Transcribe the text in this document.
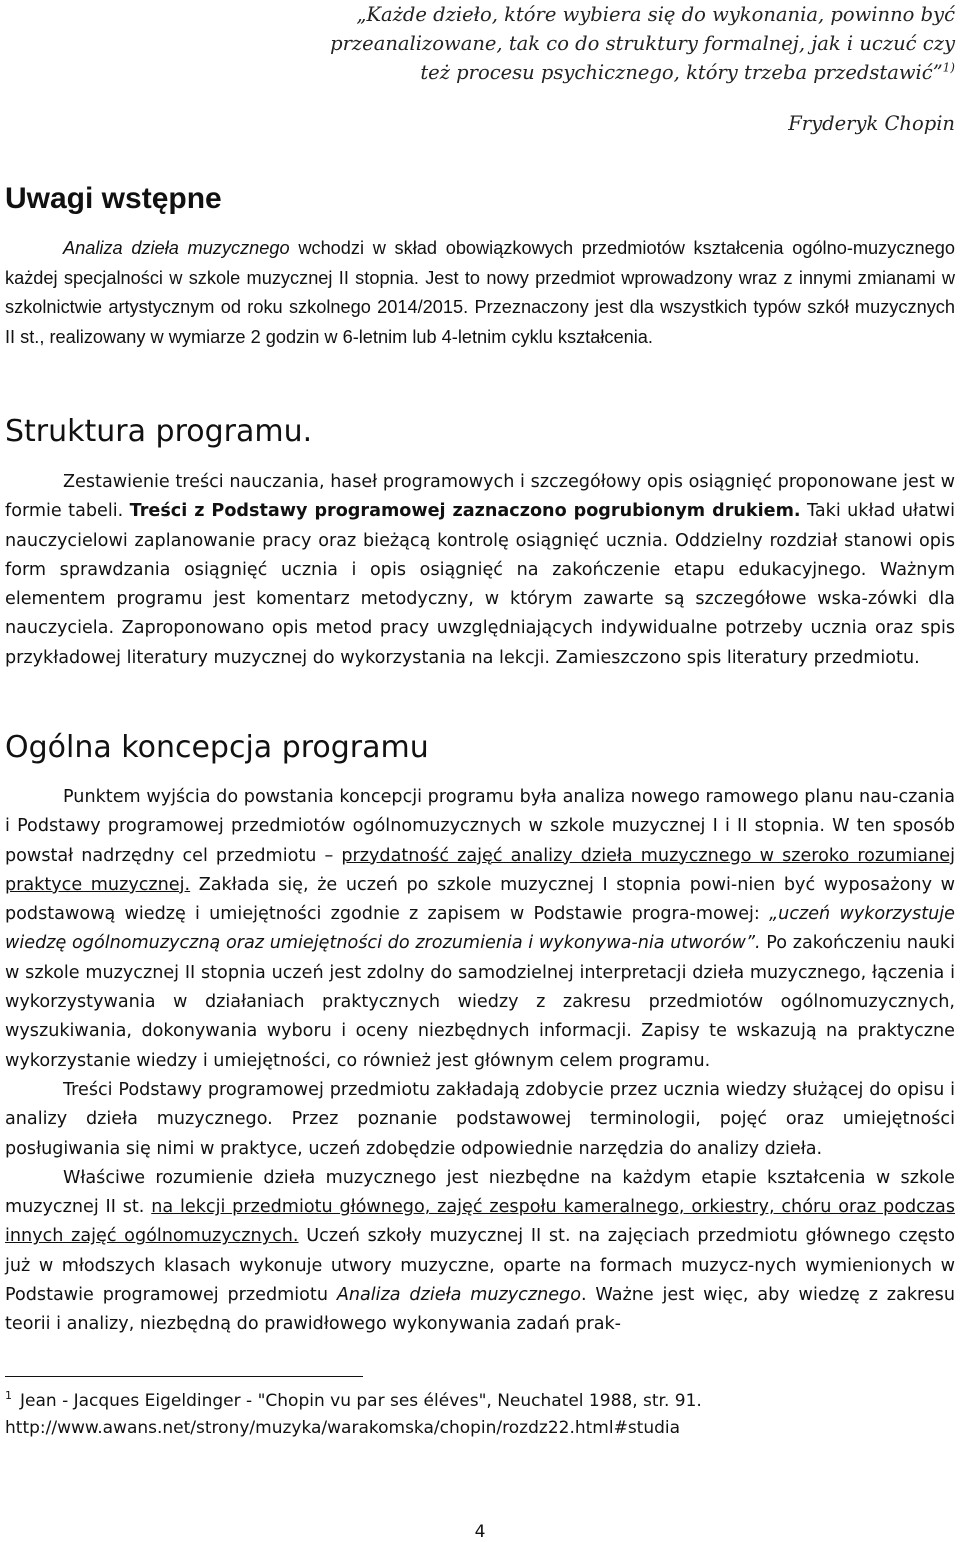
„Każde dzieło, które wybiera się do wykonania, powinno być
przeanalizowane, tak co do struktury formalnej, jak i uczuć czy
też procesu psychicznego, który trzeba przedstawić”$^{1)}$
Fryderyk Chopin
Uwagi wstępne

Analiza dzieła muzycznego wchodzi w skład obowiązkowych przedmiotów kształcenia ogólno-muzycznego każdej specjalności w szkole muzycznej II stopnia. Jest to nowy przedmiot wprowadzony wraz z innymi zmianami w szkolnictwie artystycznym od roku szkolnego 2014/2015. Przeznaczony jest dla wszystkich typów szkół muzycznych II st., realizowany w wymiarze 2 godzin w 6-letnim lub 4-letnim cyklu kształcenia.

Struktura programu.

Zestawienie treści nauczania, haseł programowych i szczegółowy opis osiągnięć proponowane jest w formie tabeli. Treści z Podstawy programowej zaznaczono pogrubionym drukiem. Taki układ ułatwi nauczycielowi zaplanowanie pracy oraz bieżącą kontrolę osiągnięć ucznia. Oddzielny rozdział stanowi opis form sprawdzania osiągnięć ucznia i opis osiągnięć na zakończenie etapu edukacyjnego. Ważnym elementem programu jest komentarz metodyczny, w którym zawarte są szczegółowe wska-zówki dla nauczyciela. Zaproponowano opis metod pracy uwzględniających indywidualne potrzeby ucznia oraz spis przykładowej literatury muzycznej do wykorzystania na lekcji. Zamieszczono spis literatury przedmiotu.

Ogólna koncepcja programu

Punktem wyjścia do powstania koncepcji programu była analiza nowego ramowego planu nau-czania i Podstawy programowej przedmiotów ogólnomuzycznych w szkole muzycznej I i II stopnia. W ten sposób powstał nadrzędny cel przedmiotu – przydatność zajęć analizy dzieła muzycznego w szeroko rozumianej praktyce muzycznej. Zakłada się, że uczeń po szkole muzycznej I stopnia powi-nien być wyposażony w podstawową wiedzę i umiejętności zgodnie z zapisem w Podstawie progra-mowej: „uczeń wykorzystuje wiedzę ogólnomuzyczną oraz umiejętności do zrozumienia i wykonywa-nia utworów”. Po zakończeniu nauki w szkole muzycznej II stopnia uczeń jest zdolny do samodzielnej interpretacji dzieła muzycznego, łączenia i wykorzystywania w działaniach praktycznych wiedzy z zakresu przedmiotów ogólnomuzycznych, wyszukiwania, dokonywania wyboru i oceny niezbędnych informacji. Zapisy te wskazują na praktyczne wykorzystanie wiedzy i umiejętności, co również jest głównym celem programu.

Treści Podstawy programowej przedmiotu zakładają zdobycie przez ucznia wiedzy służącej do opisu i analizy dzieła muzycznego. Przez poznanie podstawowej terminologii, pojęć oraz umiejętności posługiwania się nimi w praktyce, uczeń zdobędzie odpowiednie narzędzia do analizy dzieła.

Właściwe rozumienie dzieła muzycznego jest niezbędne na każdym etapie kształcenia w szkole muzycznej II st. na lekcji przedmiotu głównego, zajęć zespołu kameralnego, orkiestry, chóru oraz podczas innych zajęć ogólnomuzycznych. Uczeń szkoły muzycznej II st. na zajęciach przedmiotu głównego często już w młodszych klasach wykonuje utwory muzyczne, oparte na formach muzycz-nych wymienionych w Podstawie programowej przedmiotu Analiza dzieła muzycznego. Ważne jest więc, aby wiedzę z zakresu teorii i analizy, niezbędną do prawidłowego wykonywania zadań prak-

$^1$ Jean - Jacques Eigeldinger - "Chopin vu par ses éléves", Neuchatel 1988, str. 91.
http://www.awans.net/strony/muzyka/warakomska/chopin/rozdz22.html#studia
4
